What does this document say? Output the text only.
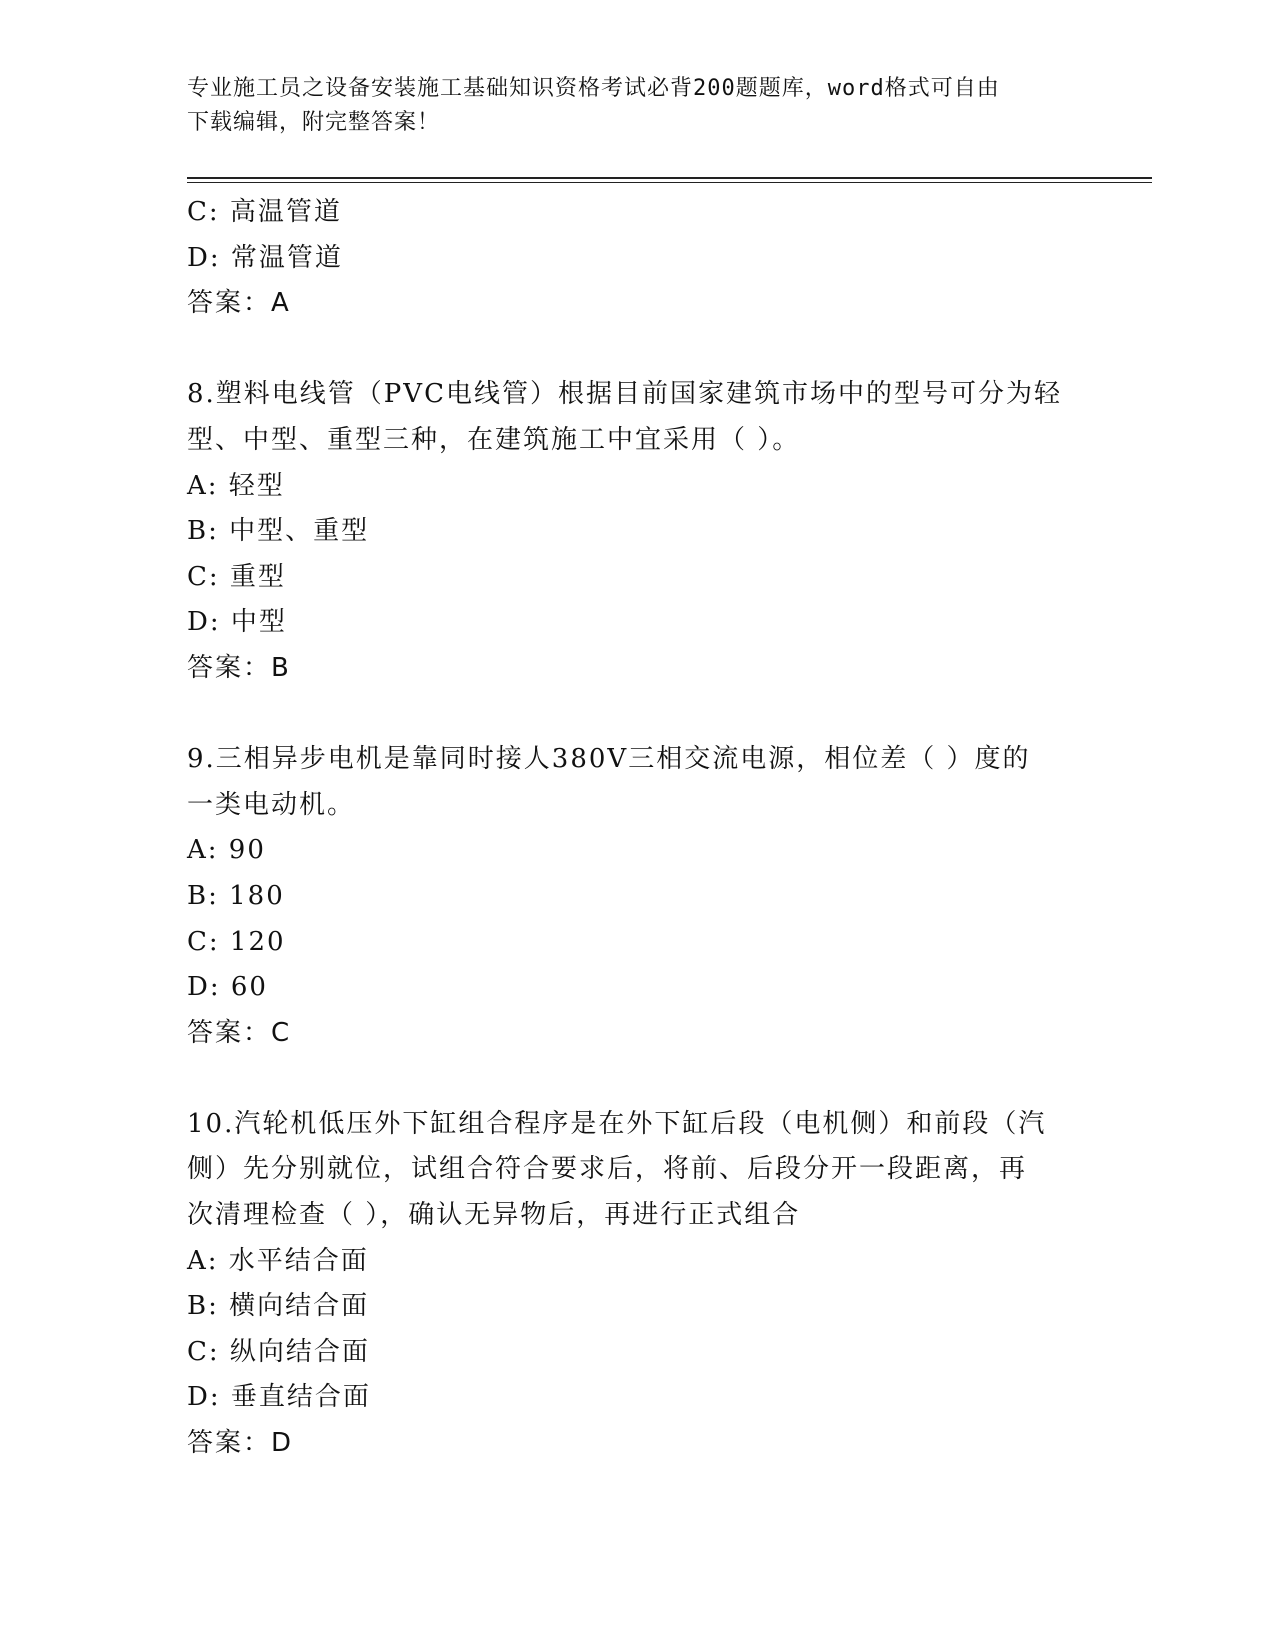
专业施工员之设备安装施工基础知识资格考试必背200题题库，word格式可自由
下载编辑，附完整答案！
C: 高温管道
D: 常温管道
答案：A
8.塑料电线管（PVC电线管）根据目前国家建筑市场中的型号可分为轻
型、中型、重型三种，在建筑施工中宜采用（ ）。
A: 轻型
B: 中型、重型
C: 重型
D: 中型
答案：B
9.三相异步电机是靠同时接人380V三相交流电源，相位差（ ）度的
一类电动机。
A: 90
B: 180
C: 120
D: 60
答案：C
10.汽轮机低压外下缸组合程序是在外下缸后段（电机侧）和前段（汽
侧）先分别就位，试组合符合要求后，将前、后段分开一段距离，再
次清理检查（ ），确认无异物后，再进行正式组合
A: 水平结合面
B: 横向结合面
C: 纵向结合面
D: 垂直结合面
答案：D
